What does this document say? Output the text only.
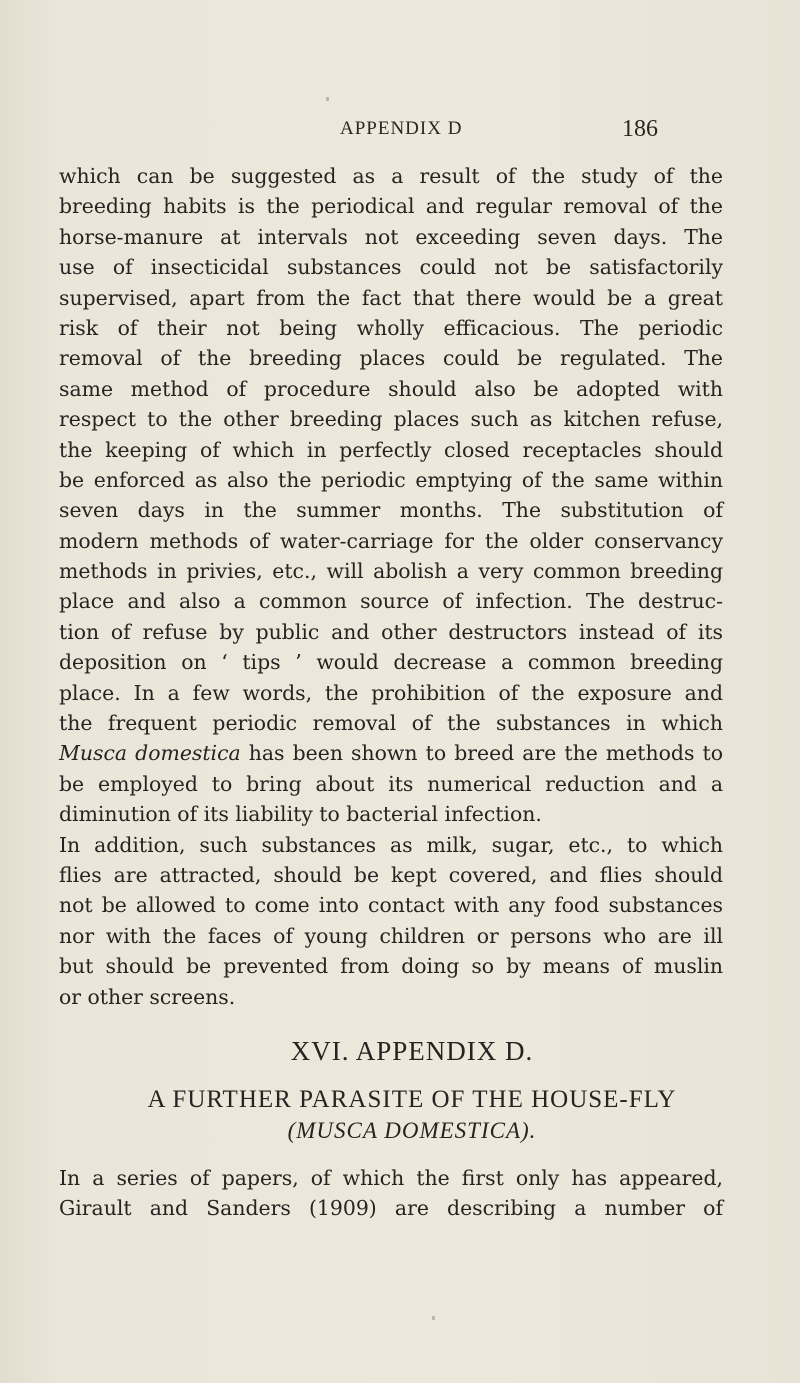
APPENDIX D	186
which can be suggested as a result of the study of the
breeding habits is the periodical and regular removal of the
horse-manure at intervals not exceeding seven days. The
use of insecticidal substances could not be satisfactorily
supervised, apart from the fact that there would be a great
risk of their not being wholly efficacious. The periodic
removal of the breeding places could be regulated. The
same method of procedure should also be adopted with
respect to the other breeding places such as kitchen refuse,
the keeping of which in perfectly closed receptacles should
be enforced as also the periodic emptying of the same within
seven days in the summer months. The substitution of
modern methods of water-carriage for the older conservancy
methods in privies, etc., will abolish a very common breeding
place and also a common source of infection. The destruc-
tion of refuse by public and other destructors instead of its
deposition on ‘ tips ’ would decrease a common breeding
place. In a few words, the prohibition of the exposure and
the frequent periodic removal of the substances in which
Musca domestica has been shown to breed are the methods to
be employed to bring about its numerical reduction and a
diminution of its liability to bacterial infection.
In addition, such substances as milk, sugar, etc., to which
flies are attracted, should be kept covered, and flies should
not be allowed to come into contact with any food substances
nor with the faces of young children or persons who are ill
but should be prevented from doing so by means of muslin
or other screens.
XVI. APPENDIX D.
A FURTHER PARASITE OF THE HOUSE-FLY
(MUSCA DOMESTICA).
In a series of papers, of which the first only has appeared,
Girault and Sanders (1909) are describing a number of
